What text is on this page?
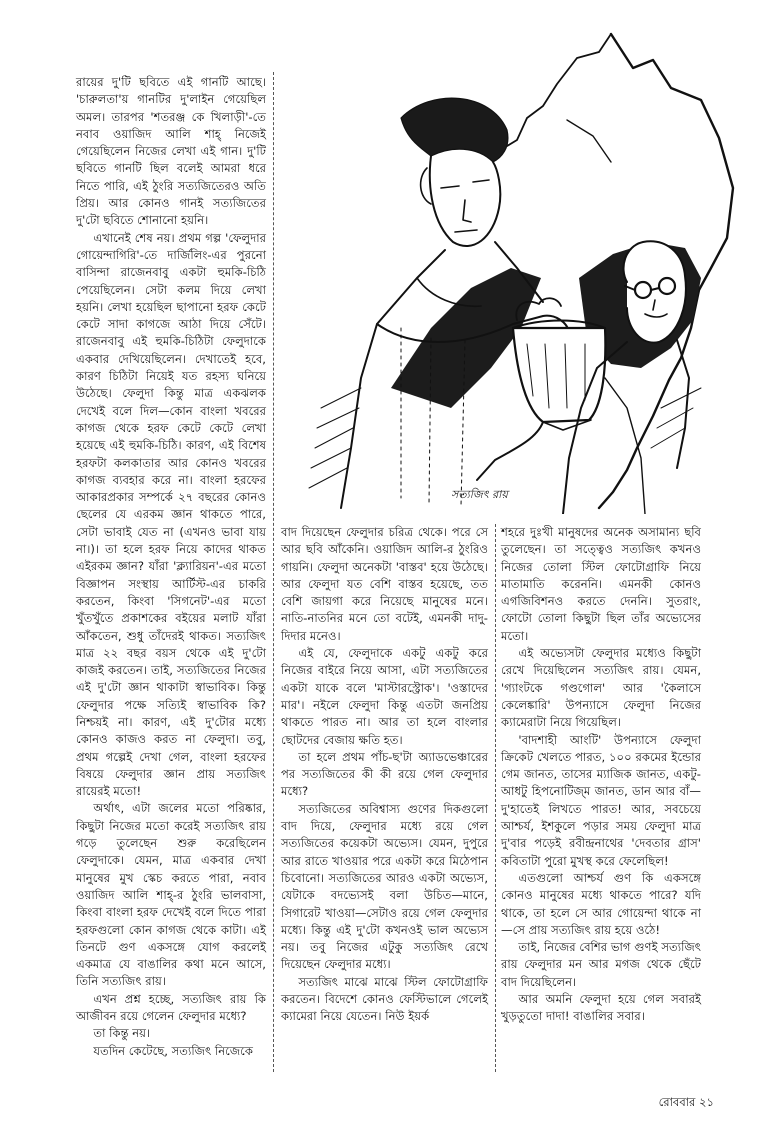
রায়ের দু'টি ছবিতে এই গানটি আছে। 'চারুলতা'য় গানটির দু'লাইন গেয়েছিল অমল। তারপর 'শতরঞ্জ কে খিলাড়ী'-তে নবাব ওয়াজিদ আলি শাহ্ নিজেই গেয়েছিলেন নিজের লেখা এই গান। দু'টি ছবিতে গানটি ছিল বলেই আমরা ধরে নিতে পারি, এই ঠুংরি সত্যজিতেরও অতি প্রিয়। আর কোনও গানই সত্যজিতের দু'টো ছবিতে শোনানো হয়নি।

এখানেই শেষ নয়। প্রথম গল্প 'ফেলুদার গোয়েন্দাগিরি'-তে দার্জিলিং-এর পুরনো বাসিন্দা রাজেনবাবু একটা হুমকি-চিঠি পেয়েছিলেন। সেটা কলম দিয়ে লেখা হয়নি। লেখা হয়েছিল ছাপানো হরফ কেটে কেটে সাদা কাগজে আঠা দিয়ে সেঁটে। রাজেনবাবু এই হুমকি-চিঠিটা ফেলুদাকে একবার দেখিয়েছিলেন। দেখাতেই হবে, কারণ চিঠিটা নিয়েই যত রহস্য ঘনিয়ে উঠেছে। ফেলুদা কিন্তু মাত্র একঝলক দেখেই বলে দিল—কোন বাংলা খবরের কাগজ থেকে হরফ কেটে কেটে লেখা হয়েছে এই হুমকি-চিঠি। কারণ, এই বিশেষ হরফটা কলকাতার আর কোনও খবরের কাগজ ব্যবহার করে না। বাংলা হরফের আকারপ্রকার সম্পর্কে ২৭ বছরের কোনও ছেলের যে এরকম জ্ঞান থাকতে পারে, সেটা ভাবাই যেত না (এখনও ভাবা যায় না।)। তা হলে হরফ নিয়ে কাদের থাকত এইরকম জ্ঞান? যাঁরা 'ক্ল্যারিয়ন'-এর মতো বিজ্ঞাপন সংস্থায় আর্টিস্ট-এর চাকরি করতেন, কিংবা 'সিগনেট'-এর মতো খুঁতখুঁতে প্রকাশকের বইয়ের মলাট যাঁরা আঁকতেন, শুধু তাঁদেরই থাকত। সত্যজিৎ মাত্র ২২ বছর বয়স থেকে এই দু'টো কাজই করতেন। তাই, সত্যজিতের নিজের এই দু'টো জ্ঞান থাকাটা স্বাভাবিক। কিন্তু ফেলুদার পক্ষে সত্যিই স্বাভাবিক কি? নিশ্চয়ই না। কারণ, এই দু'টোর মধ্যে কোনও কাজও করত না ফেলুদা। তবু, প্রথম গল্পেই দেখা গেল, বাংলা হরফের বিষয়ে ফেলুদার জ্ঞান প্রায় সত্যজিৎ রায়েরই মতো!

অর্থাৎ, এটা জলের মতো পরিষ্কার, কিছুটা নিজের মতো করেই সত্যজিৎ রায় গড়ে তুলেছেন শুরু করেছিলেন ফেলুদাকে। যেমন, মাত্র একবার দেখা মানুষের মুখ স্কেচ করতে পারা, নবাব ওয়াজিদ আলি শাহ্-র ঠুংরি ভালবাসা, কিংবা বাংলা হরফ দেখেই বলে দিতে পারা হরফগুলো কোন কাগজ থেকে কাটা। এই তিনটে গুণ একসঙ্গে যোগ করলেই একমাত্র যে বাঙালির কথা মনে আসে, তিনি সত্যজিৎ রায়।

এখন প্রশ্ন হচ্ছে, সত্যজিৎ রায় কি আজীবন রয়ে গেলেন ফেলুদার মধ্যে?

তা কিন্তু নয়।

যতদিন কেটেছে, সত্যজিৎ নিজেকে

সত্যজিৎ রায়

বাদ দিয়েছেন ফেলুদার চরিত্র থেকে। পরে সে আর ছবি আঁকেনি। ওয়াজিদ আলি-র ঠুংরিও গায়নি। ফেলুদা অনেকটা 'বাস্তব' হয়ে উঠেছে। আর ফেলুদা যত বেশি বাস্তব হয়েছে, তত বেশি জায়গা করে নিয়েছে মানুষের মনে। নাতি-নাতনির মনে তো বটেই, এমনকী দাদু-দিদার মনেও।

এই যে, ফেলুদাকে একটু একটু করে নিজের বাইরে নিয়ে আসা, এটা সত্যজিতের একটা যাকে বলে 'মাস্টারস্ট্রোক'। 'ওস্তাদের মার'। নইলে ফেলুদা কিন্তু এতটা জনপ্রিয় থাকতে পারত না। আর তা হলে বাংলার ছোটদের বেজায় ক্ষতি হত।

তা হলে প্রথম পাঁচ-ছ'টা অ্যাডভেঞ্চারের পর সত্যজিতের কী কী রয়ে গেল ফেলুদার মধ্যে?

সত্যজিতের অবিশ্বাস্য গুণের দিকগুলো বাদ দিয়ে, ফেলুদার মধ্যে রয়ে গেল সত্যজিতের কয়েকটা অভ্যেস। যেমন, দুপুরে আর রাতে খাওয়ার পরে একটা করে মিঠেপান চিবোনো। সত্যজিতের আরও একটা অভ্যেস, যেটাকে বদভ্যেসই বলা উচিত—মানে, সিগারেট খাওয়া—সেটাও রয়ে গেল ফেলুদার মধ্যে। কিন্তু এই দু'টো কখনওই ভাল অভ্যেস নয়। তবু নিজের এটুকু সত্যজিৎ রেখে দিয়েছেন ফেলুদার মধ্যে।

সত্যজিৎ মাঝে মাঝে স্টিল ফোটোগ্রাফি করতেন। বিদেশে কোনও ফেস্টিভালে গেলেই ক্যামেরা নিয়ে যেতেন। নিউ ইয়র্ক

শহরে দুঃখী মানুষদের অনেক অসামান্য ছবি তুলেছেন। তা সত্ত্বেও সত্যজিৎ কখনও নিজের তোলা স্টিল ফোটোগ্রাফি নিয়ে মাতামাতি করেননি। এমনকী কোনও এগজিবিশনও করতে দেননি। সুতরাং, ফোটো তোলা কিছুটা ছিল তাঁর অভ্যেসের মতো।

এই অভ্যেসটা ফেলুদার মধ্যেও কিছুটা রেখে দিয়েছিলেন সত্যজিৎ রায়। যেমন, 'গ্যাংটকে গণ্ডগোল' আর 'কৈলাসে কেলেঙ্কারি' উপন্যাসে ফেলুদা নিজের ক্যামেরাটা নিয়ে গিয়েছিল।

'বাদশাহী আংটি' উপন্যাসে ফেলুদা ক্রিকেট খেলতে পারত, ১০০ রকমের ইন্ডোর গেম জানত, তাসের ম্যাজিক জানত, একটু-আধটু হিপনোটিজ্ম জানত, ডান আর বাঁ—দু'হাতেই লিখতে পারত! আর, সবচেয়ে আশ্চর্য, ইশকুলে পড়ার সময় ফেলুদা মাত্র দু'বার পড়েই রবীন্দ্রনাথের 'দেবতার গ্রাস' কবিতাটা পুরো মুখস্থ করে ফেলেছিল!

এতগুলো আশ্চর্য গুণ কি একসঙ্গে কোনও মানুষের মধ্যে থাকতে পারে? যদি থাকে, তা হলে সে আর গোয়েন্দা থাকে না—সে প্রায় সত্যজিৎ রায় হয়ে ওঠে!

তাই, নিজের বেশির ভাগ গুণই সত্যজিৎ রায় ফেলুদার মন আর মগজ থেকে ছেঁটে বাদ দিয়েছিলেন।

আর অমনি ফেলুদা হয়ে গেল সবারই খুড়তুতো দাদা! বাঙালির সবার।

রোববার ২১
